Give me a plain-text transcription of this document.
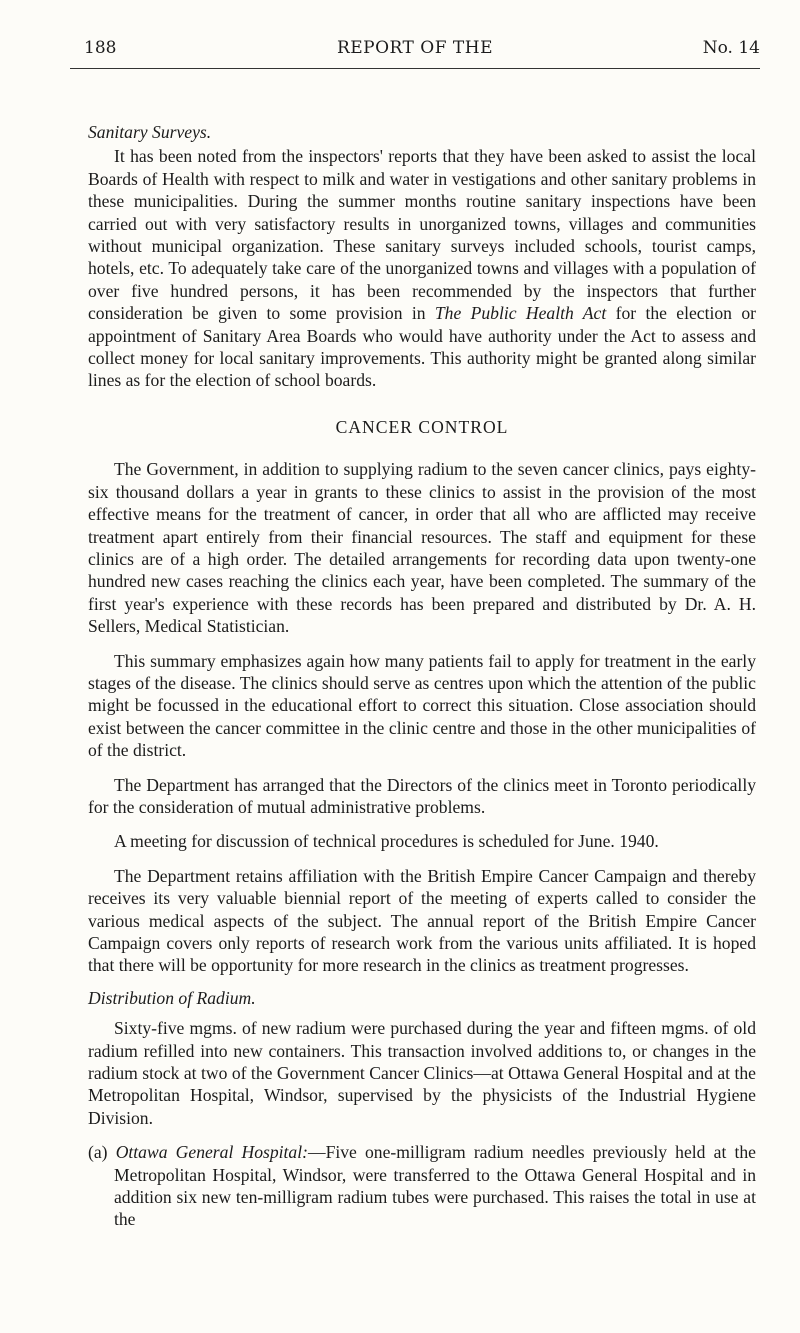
188	REPORT OF THE	No. 14

Sanitary Surveys.

It has been noted from the inspectors' reports that they have been asked to assist the local Boards of Health with respect to milk and water in vestigations and other sanitary problems in these municipalities. During the summer months routine sanitary inspections have been carried out with very satisfactory results in unorganized towns, villages and communities without municipal organization. These sanitary surveys included schools, tourist camps, hotels, etc. To adequately take care of the unorganized towns and villages with a population of over five hundred persons, it has been recommended by the inspectors that further consideration be given to some provision in The Public Health Act for the election or appointment of Sanitary Area Boards who would have authority under the Act to assess and collect money for local sanitary improvements. This authority might be granted along similar lines as for the election of school boards.

CANCER CONTROL

The Government, in addition to supplying radium to the seven cancer clinics, pays eighty-six thousand dollars a year in grants to these clinics to assist in the provision of the most effective means for the treatment of cancer, in order that all who are afflicted may receive treatment apart entirely from their financial resources. The staff and equipment for these clinics are of a high order. The detailed arrangements for recording data upon twenty-one hundred new cases reaching the clinics each year, have been completed. The summary of the first year's experience with these records has been prepared and distributed by Dr. A. H. Sellers, Medical Statistician.

This summary emphasizes again how many patients fail to apply for treatment in the early stages of the disease. The clinics should serve as centres upon which the attention of the public might be focussed in the educational effort to correct this situation. Close association should exist between the cancer committee in the clinic centre and those in the other municipalities of of the district.

The Department has arranged that the Directors of the clinics meet in Toronto periodically for the consideration of mutual administrative problems.

A meeting for discussion of technical procedures is scheduled for June. 1940.

The Department retains affiliation with the British Empire Cancer Campaign and thereby receives its very valuable biennial report of the meeting of experts called to consider the various medical aspects of the subject. The annual report of the British Empire Cancer Campaign covers only reports of research work from the various units affiliated. It is hoped that there will be opportunity for more research in the clinics as treatment progresses.

Distribution of Radium.

Sixty-five mgms. of new radium were purchased during the year and fifteen mgms. of old radium refilled into new containers. This transaction involved additions to, or changes in the radium stock at two of the Government Cancer Clinics—at Ottawa General Hospital and at the Metropolitan Hospital, Windsor, supervised by the physicists of the Industrial Hygiene Division.

(a) Ottawa General Hospital:—Five one-milligram radium needles previously held at the Metropolitan Hospital, Windsor, were transferred to the Ottawa General Hospital and in addition six new ten-milligram radium tubes were purchased. This raises the total in use at the
